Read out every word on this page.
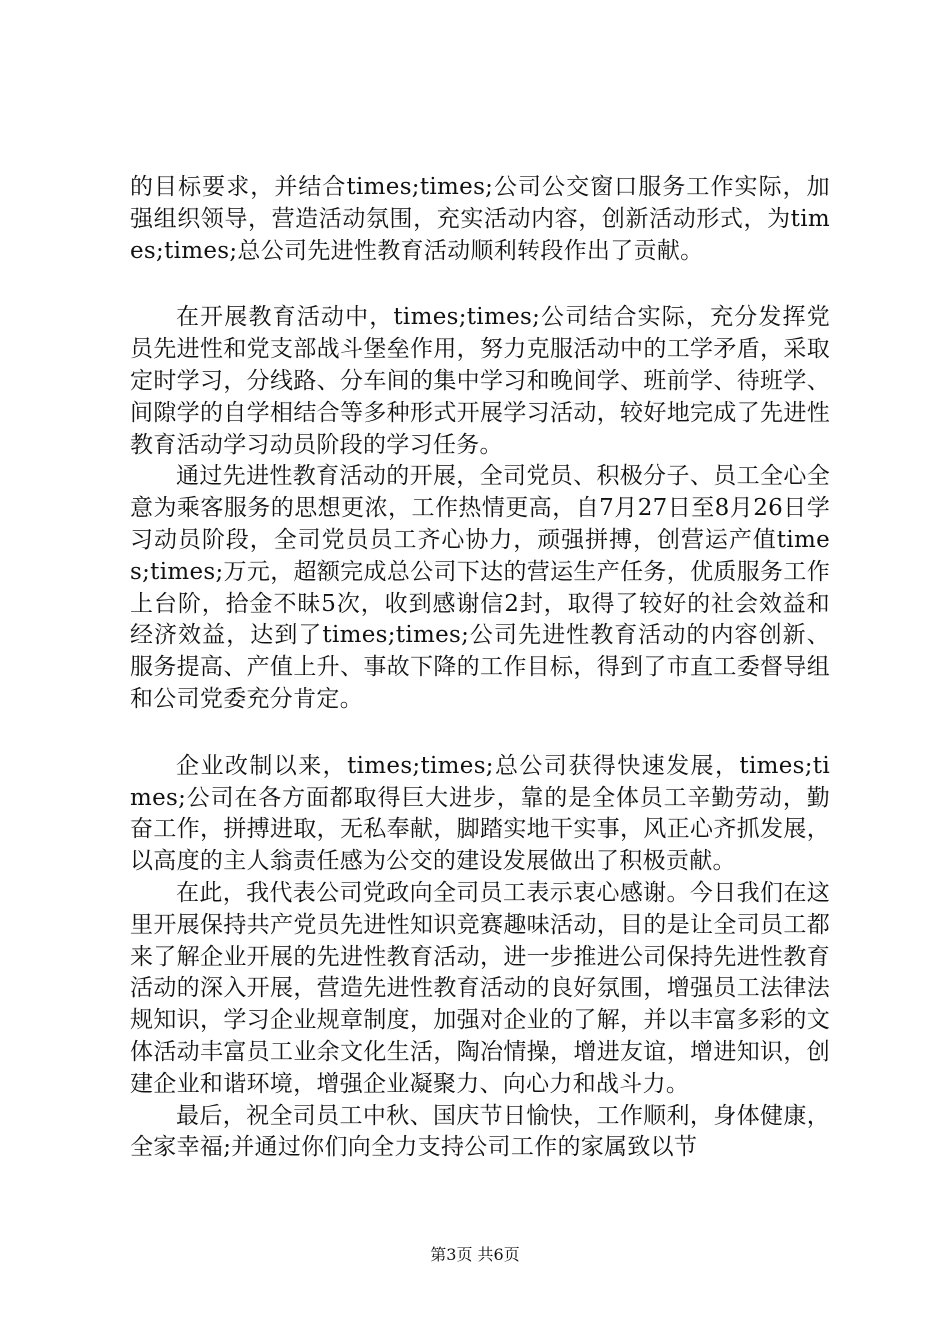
的目标要求，并结合times;times;公司公交窗口服务工作实际，加强组织领导，营造活动氛围，充实活动内容，创新活动形式，为times;times;总公司先进性教育活动顺利转段作出了贡献。

在开展教育活动中，times;times;公司结合实际，充分发挥党员先进性和党支部战斗堡垒作用，努力克服活动中的工学矛盾，采取定时学习，分线路、分车间的集中学习和晚间学、班前学、待班学、间隙学的自学相结合等多种形式开展学习活动，较好地完成了先进性教育活动学习动员阶段的学习任务。

通过先进性教育活动的开展，全司党员、积极分子、员工全心全意为乘客服务的思想更浓，工作热情更高，自7月27日至8月26日学习动员阶段，全司党员员工齐心协力，顽强拼搏，创营运产值times;times;万元，超额完成总公司下达的营运生产任务，优质服务工作上台阶，拾金不昧5次，收到感谢信2封，取得了较好的社会效益和经济效益，达到了times;times;公司先进性教育活动的内容创新、服务提高、产值上升、事故下降的工作目标，得到了市直工委督导组和公司党委充分肯定。

企业改制以来，times;times;总公司获得快速发展，times;times;公司在各方面都取得巨大进步，靠的是全体员工辛勤劳动，勤奋工作，拼搏进取，无私奉献，脚踏实地干实事，风正心齐抓发展，以高度的主人翁责任感为公交的建设发展做出了积极贡献。

在此，我代表公司党政向全司员工表示衷心感谢。今日我们在这里开展保持共产党员先进性知识竞赛趣味活动，目的是让全司员工都来了解企业开展的先进性教育活动，进一步推进公司保持先进性教育活动的深入开展，营造先进性教育活动的良好氛围，增强员工法律法规知识，学习企业规章制度，加强对企业的了解，并以丰富多彩的文体活动丰富员工业余文化生活，陶冶情操，增进友谊，增进知识，创建企业和谐环境，增强企业凝聚力、向心力和战斗力。

最后，祝全司员工中秋、国庆节日愉快，工作顺利，身体健康，全家幸福;并通过你们向全力支持公司工作的家属致以节

第3页 共6页
